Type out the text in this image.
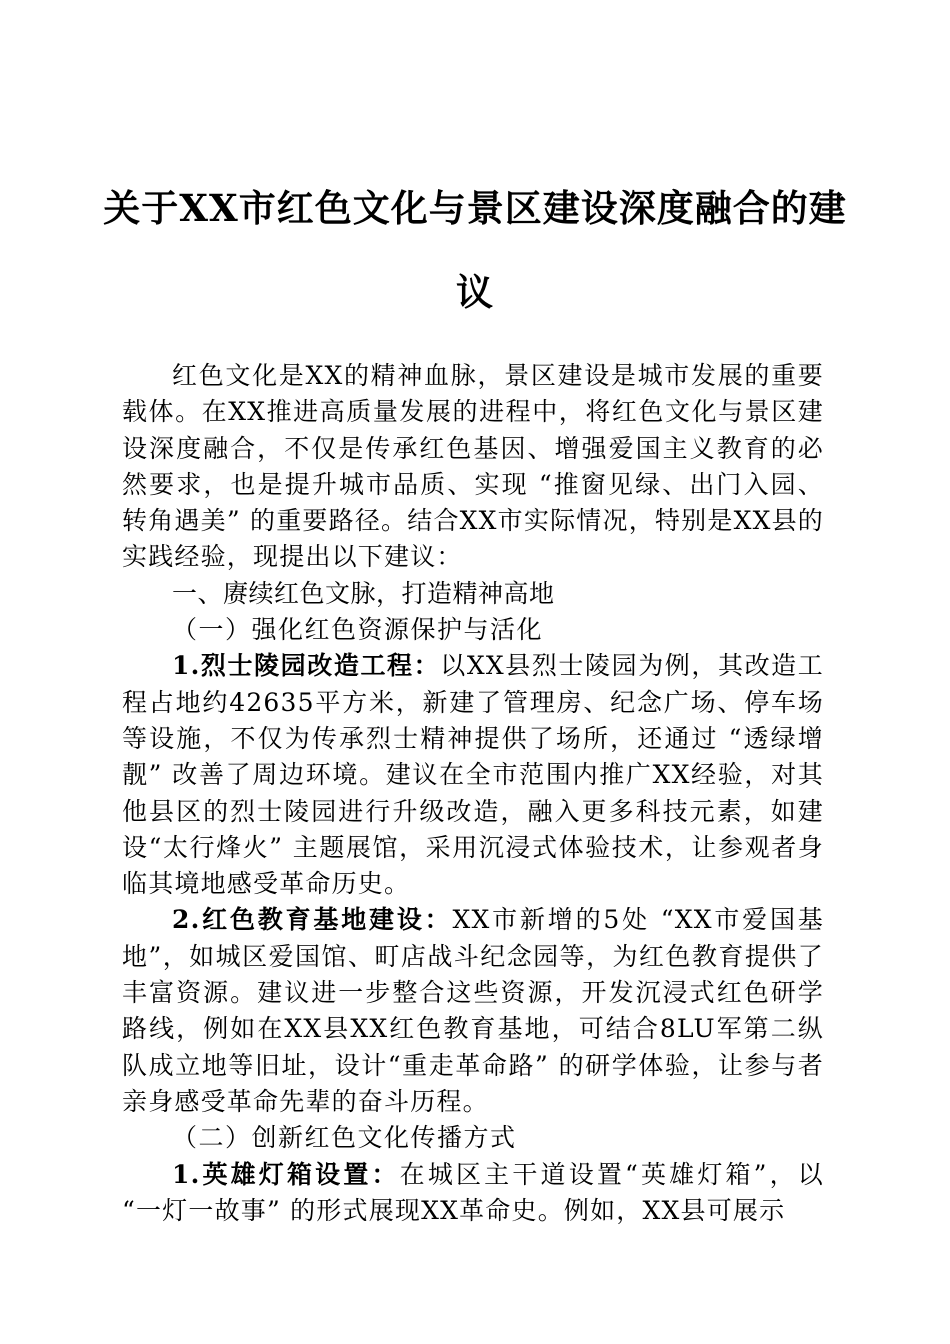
关于XX市红色文化与景区建设深度融合的建议

红色文化是XX的精神血脉，景区建设是城市发展的重要载体。在XX推进高质量发展的进程中，将红色文化与景区建设深度融合，不仅是传承红色基因、增强爱国主义教育的必然要求，也是提升城市品质、实现 “推窗见绿、出门入园、转角遇美” 的重要路径。结合XX市实际情况，特别是XX县的实践经验，现提出以下建议：

一、赓续红色文脉，打造精神高地

（一）强化红色资源保护与活化

1.烈士陵园改造工程：以XX县烈士陵园为例，其改造工程占地约42635平方米，新建了管理房、纪念广场、停车场等设施，不仅为传承烈士精神提供了场所，还通过 “透绿增靓” 改善了周边环境。建议在全市范围内推广XX经验，对其他县区的烈士陵园进行升级改造，融入更多科技元素，如建设“太行烽火” 主题展馆，采用沉浸式体验技术，让参观者身临其境地感受革命历史。

2.红色教育基地建设：XX市新增的5处 “XX市爱国基地”，如城区爱国馆、町店战斗纪念园等，为红色教育提供了丰富资源。建议进一步整合这些资源，开发沉浸式红色研学路线，例如在XX县XX红色教育基地，可结合8LU军第二纵队成立地等旧址，设计“重走革命路” 的研学体验，让参与者亲身感受革命先辈的奋斗历程。

（二）创新红色文化传播方式

1.英雄灯箱设置：在城区主干道设置“英雄灯箱”，以 “一灯一故事” 的形式展现XX革命史。例如，XX县可展示
